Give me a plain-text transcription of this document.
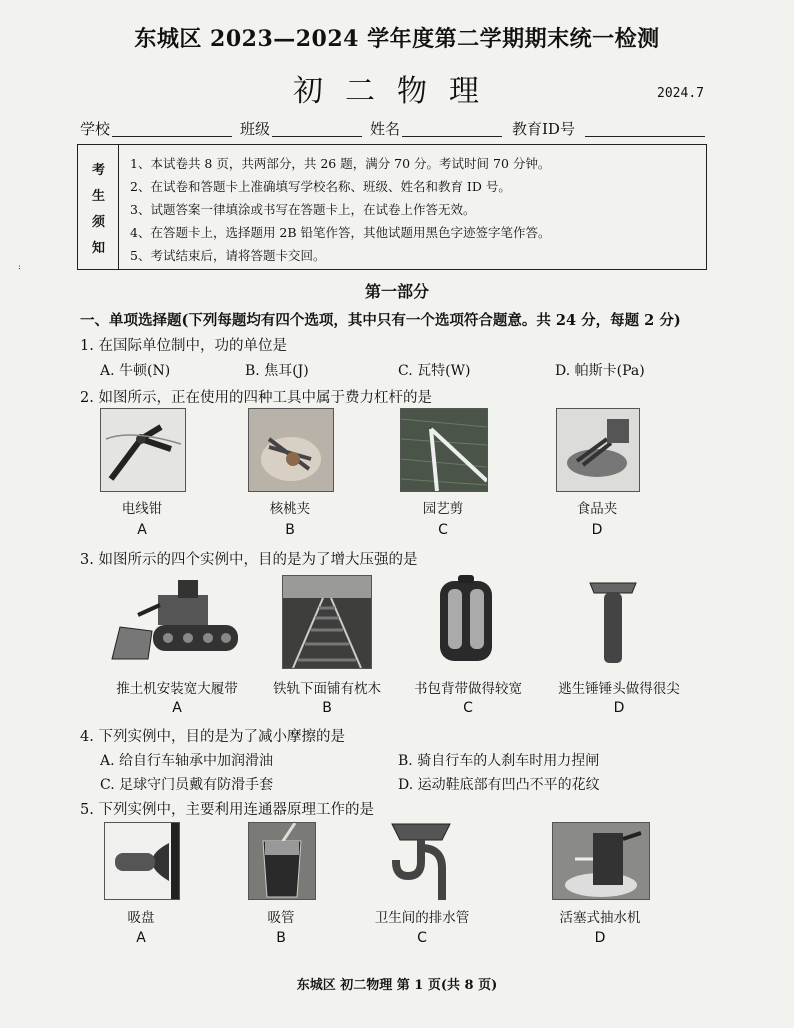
东城区 2023—2024 学年度第二学期期末统一检测
初二物理	2024.7
学校	班级	姓名	教育ID号
考
生
须
知
1、本试卷共 8 页，共两部分，共 26 题，满分 70 分。考试时间 70 分钟。
2、在试卷和答题卡上准确填写学校名称、班级、姓名和教育 ID 号。
3、试题答案一律填涂或书写在答题卡上，在试卷上作答无效。
4、在答题卡上，选择题用 2B 铅笔作答，其他试题用黑色字迹签字笔作答。
5、考试结束后，请将答题卡交回。
:
第一部分
一、单项选择题(下列每题均有四个选项，其中只有一个选项符合题意。共 24 分，每题 2 分)
1. 在国际单位制中，功的单位是
A. 牛顿(N)	B. 焦耳(J)	C. 瓦特(W)	D. 帕斯卡(Pa)
2. 如图所示，正在使用的四种工具中属于费力杠杆的是
电线钳	核桃夹	园艺剪	食品夹
A	B	C	D
3. 如图所示的四个实例中，目的是为了增大压强的是
推土机安装宽大履带	铁轨下面铺有枕木	书包背带做得较宽	逃生锤锤头做得很尖
A	B	C	D
4. 下列实例中，目的是为了减小摩擦的是
A. 给自行车轴承中加润滑油	B. 骑自行车的人刹车时用力捏闸
C. 足球守门员戴有防滑手套	D. 运动鞋底部有凹凸不平的花纹
5. 下列实例中，主要利用连通器原理工作的是
吸盘	吸管	卫生间的排水管	活塞式抽水机
A	B	C	D
东城区 初二物理 第 1 页(共 8 页)
